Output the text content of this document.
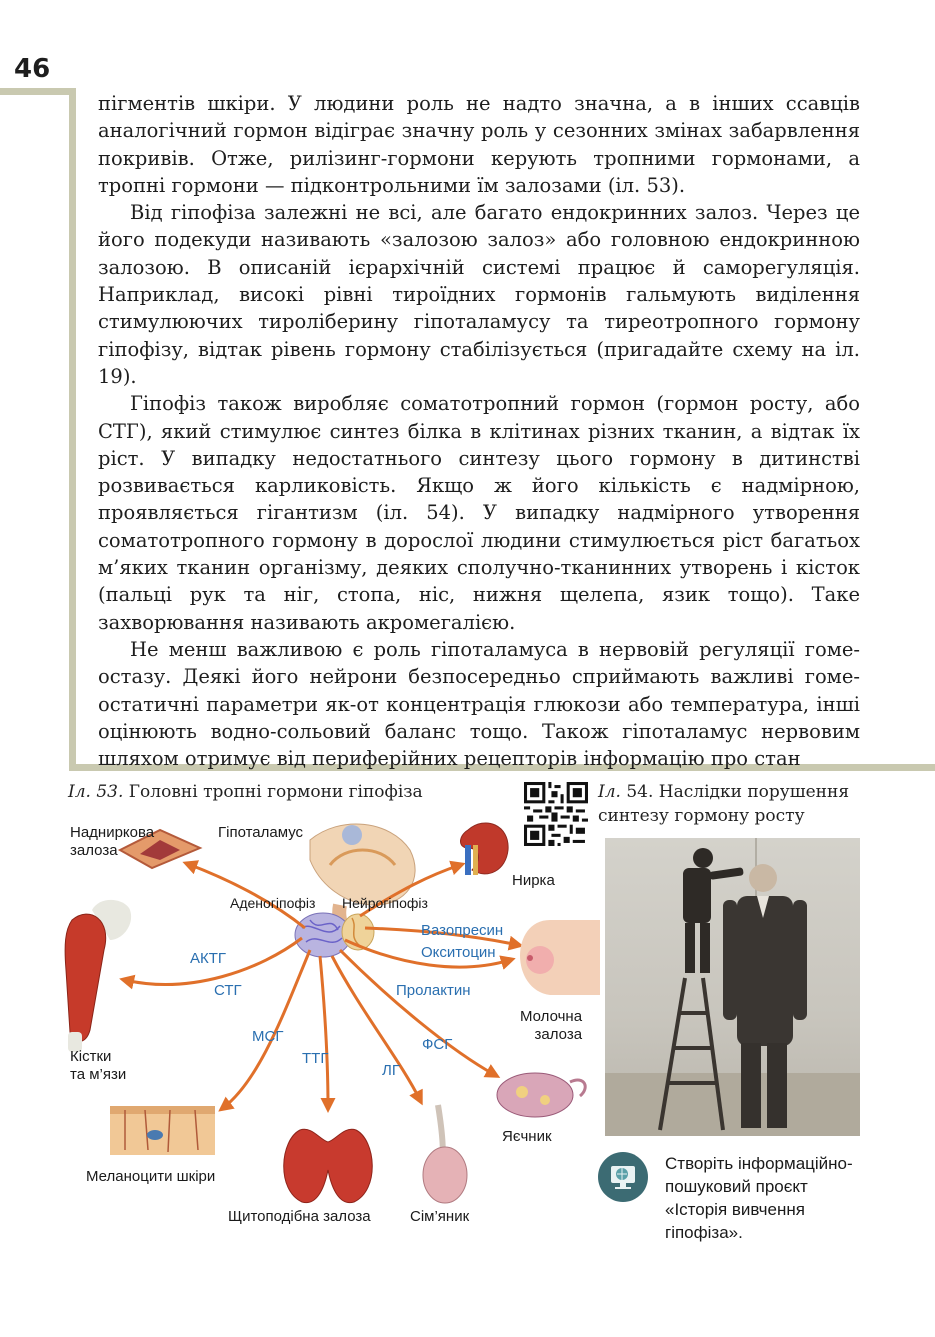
46

пігментів шкіри. У людини роль не надто значна, а в інших ссавців аналогічний гормон відіграє значну роль у сезонних змінах забарвлення покривів. Отже, рилізинг-гормони керують тропними гормонами, а тропні гормони — підконтрольними їм залозами (іл. 53).

Від гіпофіза залежні не всі, але багато ендокринних залоз. Через це його подекуди називають «залозою залоз» або головною ендокринною залозою. В описаній ієрархічній системі працює й саморегуляція. Наприклад, високі рівні тироїдних гормонів гальмують виділення стимулюючих тироліберину гіпоталамусу та тиреотропного гормону гіпофізу, відтак рівень гормону стабілізується (пригадайте схему на іл. 19).

Гіпофіз також виробляє соматотропний гормон (гормон росту, або СТГ), який стимулює синтез білка в клітинах різних тканин, а відтак їх ріст. У випадку недостатнього синтезу цього гормону в дитинстві розвивається карликовість. Якщо ж його кількість є надмірною, проявляється гігантизм (іл. 54). У випадку надмірного утворення соматотропного гормону в дорослої людини стимулюється ріст багатьох м’яких тканин організму, деяких сполучно-тканинних утворень і кісток (пальці рук та ніг, стопа, ніс, нижня щелепа, язик тощо). Таке захворювання називають акромегалією.

Не менш важливою є роль гіпоталамуса в нервовій регуляції гомеостазу. Деякі його нейрони безпосередньо сприймають важливі гомеостатичні параметри як-от концентрація глюкози або температура, інші оцінюють водно-сольовий баланс тощо. Також гіпоталамус нервовим шляхом отримує від периферійних рецепторів інформацію про стан

Іл. 53. Головні тропні гормони гіпофіза	Іл. 54. Наслідки порушення
синтезу гормону росту
Надниркова
залоза
Гіпоталамус
Аденогіпофіз Нейрогіпофіз
Нирка
Кістки
та м’язи
Молочна
залоза
Яєчник
Меланоцити шкіри
Щитоподібна залоза	Сім’яник
АКТГ
СТГ
Вазопресин
Окситоцин
Пролактин
МСГ
ТТГ
ЛГ
ФСГ
Створіть інформаційно-
пошуковий проєкт
«Історія вивчення
гіпофіза».
